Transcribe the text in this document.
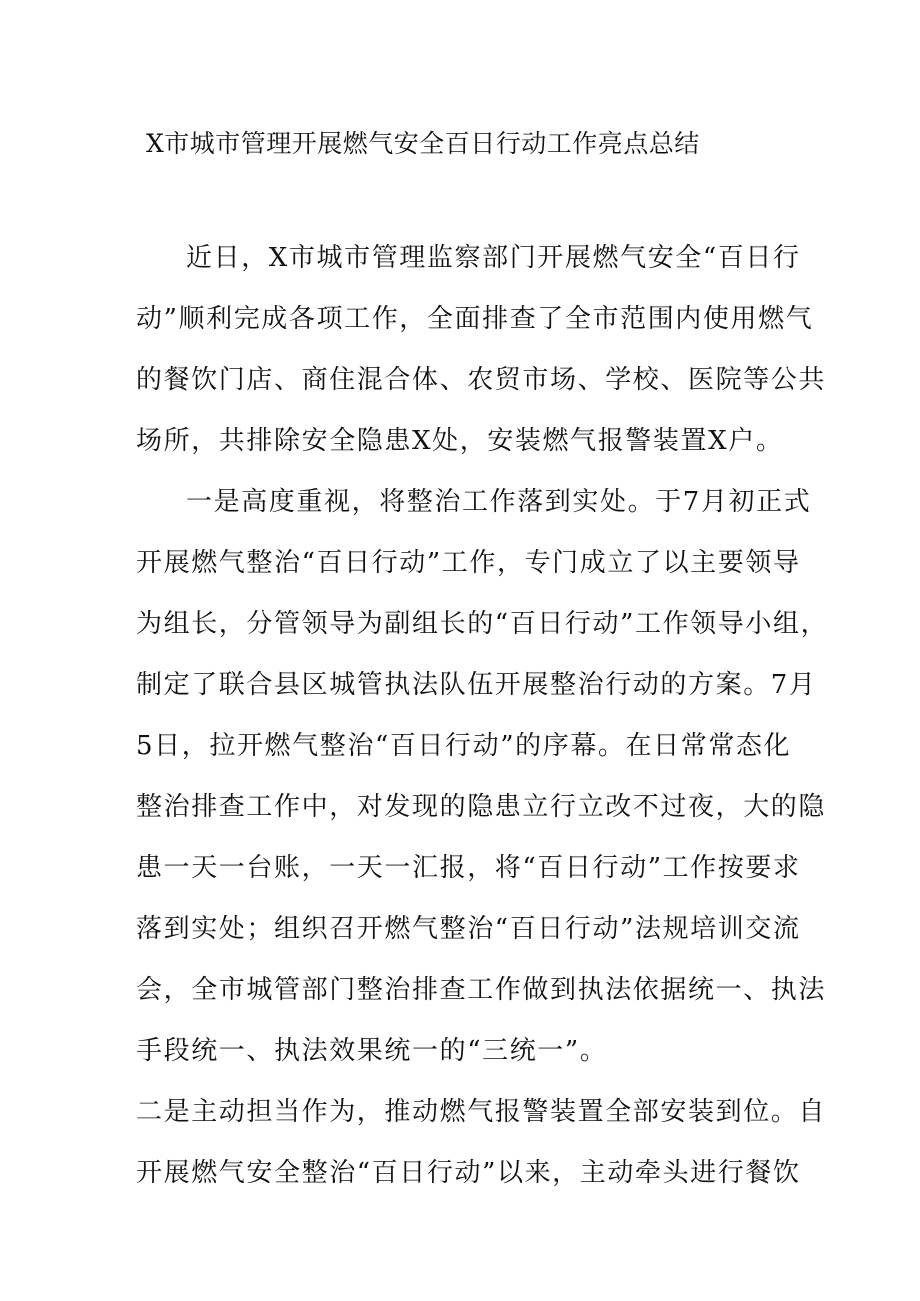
X市城市管理开展燃气安全百日行动工作亮点总结
近日，X市城市管理监察部门开展燃气安全“百日行
动”顺利完成各项工作，全面排查了全市范围内使用燃气
的餐饮门店、商住混合体、农贸市场、学校、医院等公共
场所，共排除安全隐患X处，安装燃气报警装置X户。
一是高度重视，将整治工作落到实处。于7月初正式
开展燃气整治“百日行动”工作，专门成立了以主要领导
为组长，分管领导为副组长的“百日行动”工作领导小组，
制定了联合县区城管执法队伍开展整治行动的方案。7月
5日，拉开燃气整治“百日行动”的序幕。在日常常态化
整治排查工作中，对发现的隐患立行立改不过夜，大的隐
患一天一台账，一天一汇报，将“百日行动”工作按要求
落到实处；组织召开燃气整治“百日行动”法规培训交流
会，全市城管部门整治排查工作做到执法依据统一、执法
手段统一、执法效果统一的“三统一”。
二是主动担当作为，推动燃气报警装置全部安装到位。自
开展燃气安全整治“百日行动”以来，主动牵头进行餐饮
